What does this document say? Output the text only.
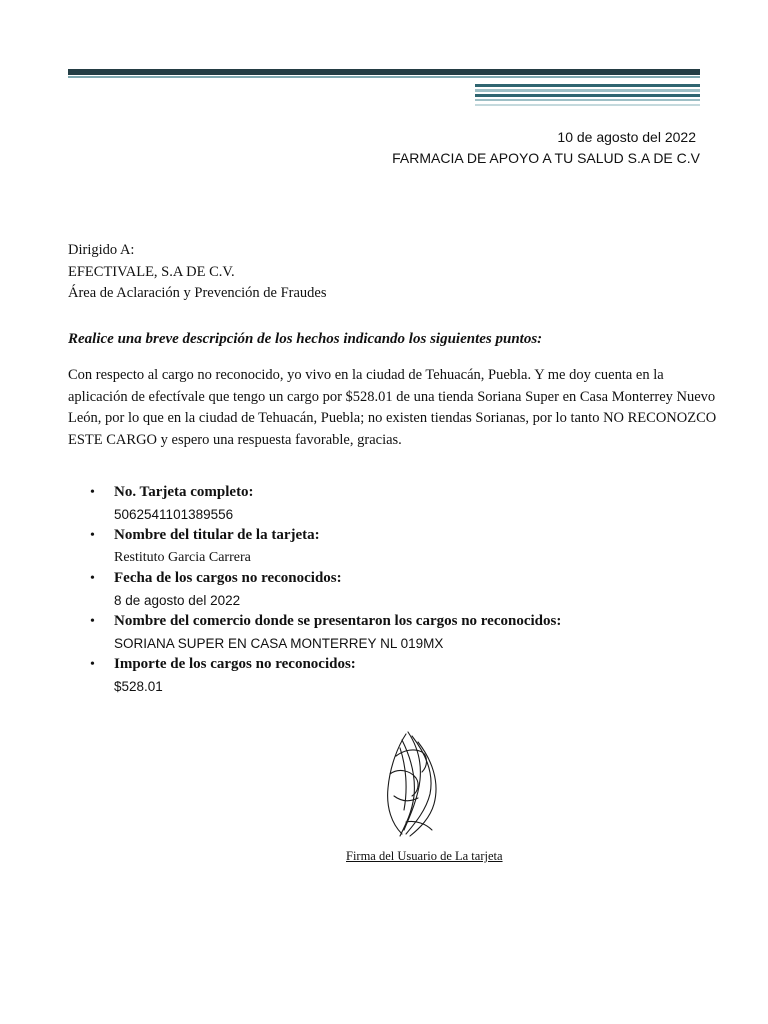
10 de agosto del 2022
FARMACIA DE APOYO A TU SALUD S.A DE C.V
Dirigido A:
EFECTIVALE, S.A DE C.V.
Área de Aclaración y Prevención de Fraudes
Realice una breve descripción de los hechos indicando los siguientes puntos:
Con respecto al cargo no reconocido, yo vivo en la ciudad de Tehuacán, Puebla. Y me doy cuenta en la aplicación de efectívale que tengo un cargo por $528.01 de una tienda Soriana Super en Casa Monterrey Nuevo León, por lo que en la ciudad de Tehuacán, Puebla; no existen tiendas Sorianas, por lo tanto NO RECONOZCO ESTE CARGO y espero una respuesta favorable, gracias.
• No. Tarjeta completo:
5062541101389556
• Nombre del titular de la tarjeta:
Restituto Garcia Carrera
• Fecha de los cargos no reconocidos:
8 de agosto del 2022
• Nombre del comercio donde se presentaron los cargos no reconocidos:
SORIANA SUPER EN CASA MONTERREY NL 019MX
• Importe de los cargos no reconocidos:
$528.01
Firma del Usuario de La tarjeta
